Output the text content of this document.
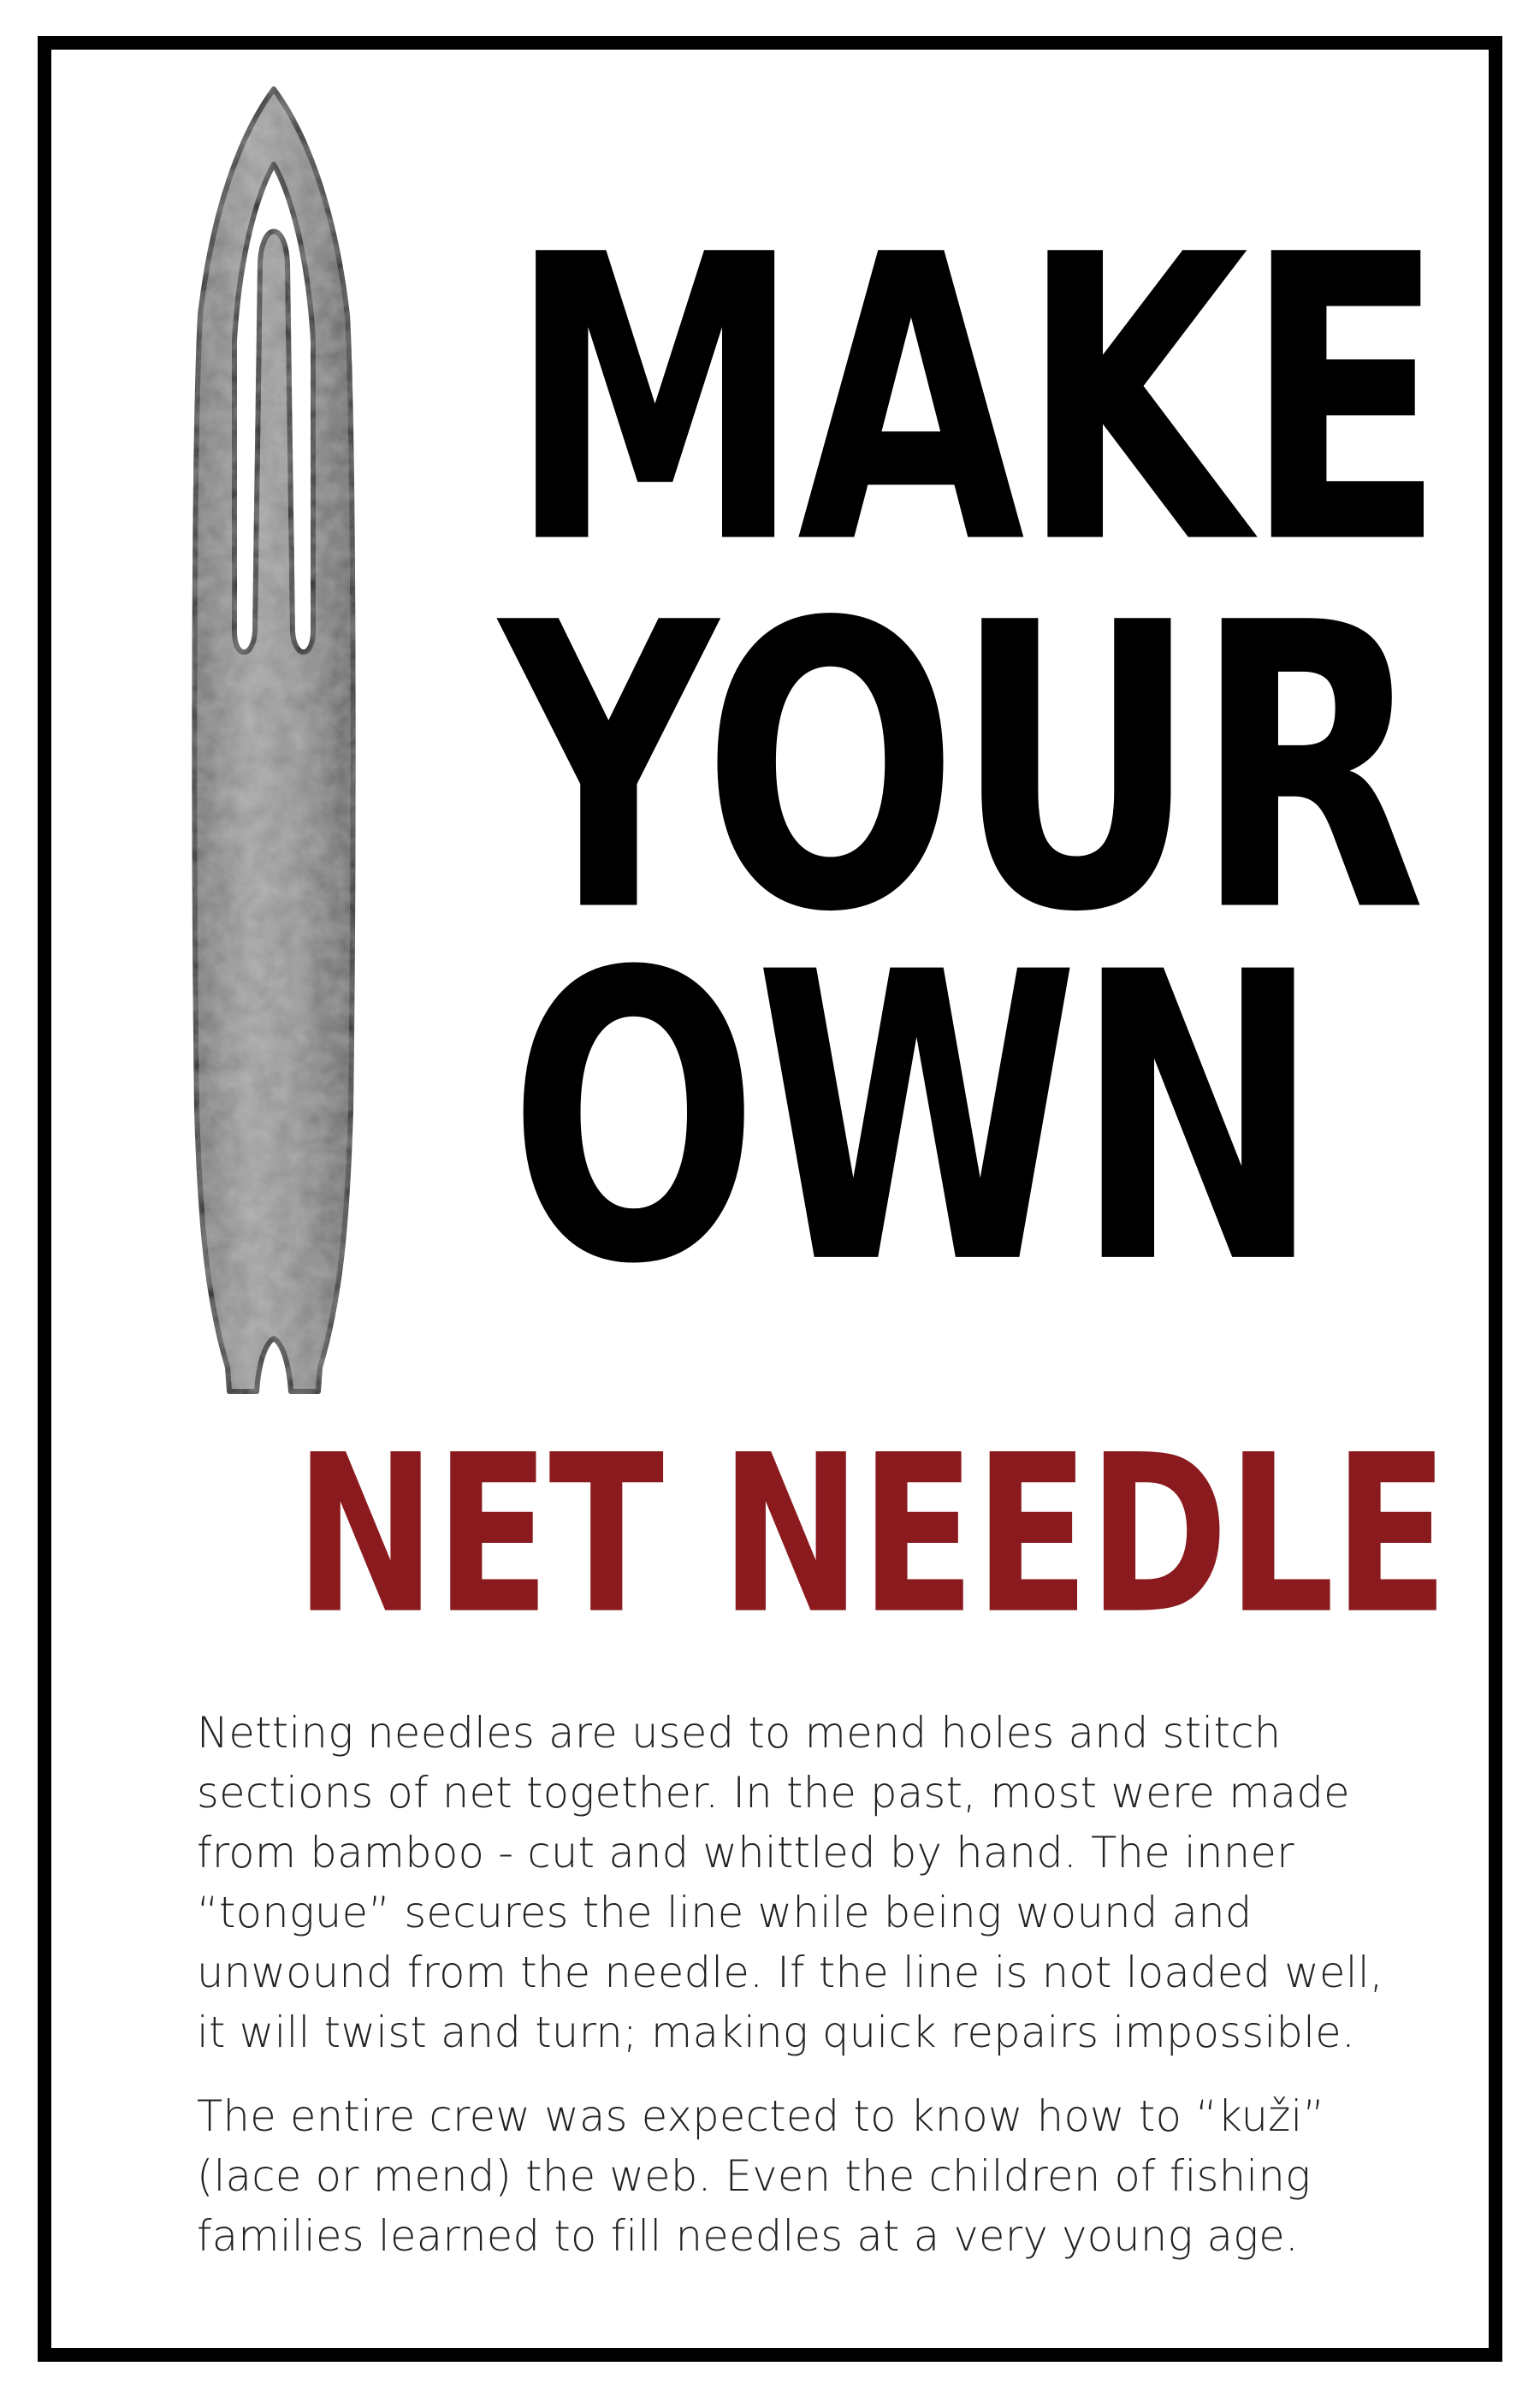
MAKE
YOUR
OWN
NET NEEDLE

Netting needles are used to mend holes and stitch
sections of net together. In the past, most were made
from bamboo - cut and whittled by hand. The inner
“tongue” secures the line while being wound and
unwound from the needle. If the line is not loaded well,
it will twist and turn; making quick repairs impossible.

The entire crew was expected to know how to “kuži”
(lace or mend) the web. Even the children of fishing
families learned to fill needles at a very young age.
